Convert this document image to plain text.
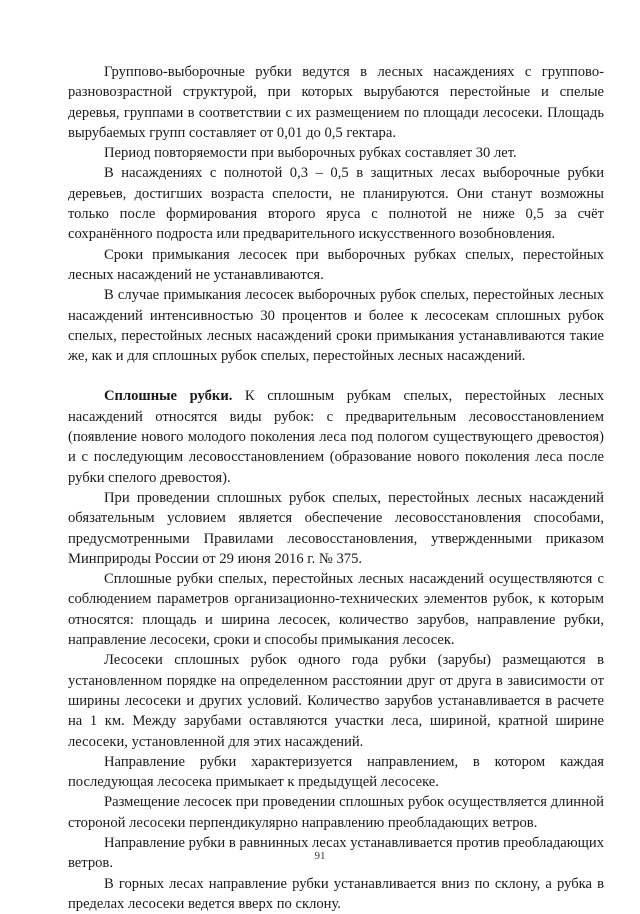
Группово-выборочные рубки ведутся в лесных насаждениях с группово-разновозрастной структурой, при которых вырубаются перестойные и спелые деревья, группами в соответствии с их размещением по площади лесосеки. Площадь вырубаемых групп составляет от 0,01 до 0,5 гектара.

Период повторяемости при выборочных рубках составляет 30 лет.

В насаждениях с полнотой 0,3 – 0,5 в защитных лесах выборочные рубки деревьев, достигших возраста спелости, не планируются. Они станут возможны только после формирования второго яруса с полнотой не ниже 0,5 за счёт сохранённого подроста или предварительного искусственного возобновления.

Сроки примыкания лесосек при выборочных рубках спелых, перестойных лесных насаждений не устанавливаются.

В случае примыкания лесосек выборочных рубок спелых, перестойных лесных насаждений интенсивностью 30 процентов и более к лесосекам сплошных рубок спелых, перестойных лесных насаждений сроки примыкания устанавливаются такие же, как и для сплошных рубок спелых, перестойных лесных насаждений.

Сплошные рубки. К сплошным рубкам спелых, перестойных лесных насаждений относятся виды рубок: с предварительным лесовосстановлением (появление нового молодого поколения леса под пологом существующего древостоя) и с последующим лесовосстановлением (образование нового поколения леса после рубки спелого древостоя).

При проведении сплошных рубок спелых, перестойных лесных насаждений обязательным условием является обеспечение лесовосстановления способами, предусмотренными Правилами лесовосстановления, утвержденными приказом Минприроды России от 29 июня 2016 г. № 375.

Сплошные рубки спелых, перестойных лесных насаждений осуществляются с соблюдением параметров организационно-технических элементов рубок, к которым относятся: площадь и ширина лесосек, количество зарубов, направление рубки, направление лесосеки, сроки и способы примыкания лесосек.

Лесосеки сплошных рубок одного года рубки (зарубы) размещаются в установленном порядке на определенном расстоянии друг от друга в зависимости от ширины лесосеки и других условий. Количество зарубов устанавливается в расчете на 1 км. Между зарубами оставляются участки леса, шириной, кратной ширине лесосеки, установленной для этих насаждений.

Направление рубки характеризуется направлением, в котором каждая последующая лесосека примыкает к предыдущей лесосеке.

Размещение лесосек при проведении сплошных рубок осуществляется длинной стороной лесосеки перпендикулярно направлению преобладающих ветров.

Направление рубки в равнинных лесах устанавливается против преобладающих ветров.

В горных лесах направление рубки устанавливается вниз по склону, а рубка в пределах лесосеки ведется вверх по склону.

91
